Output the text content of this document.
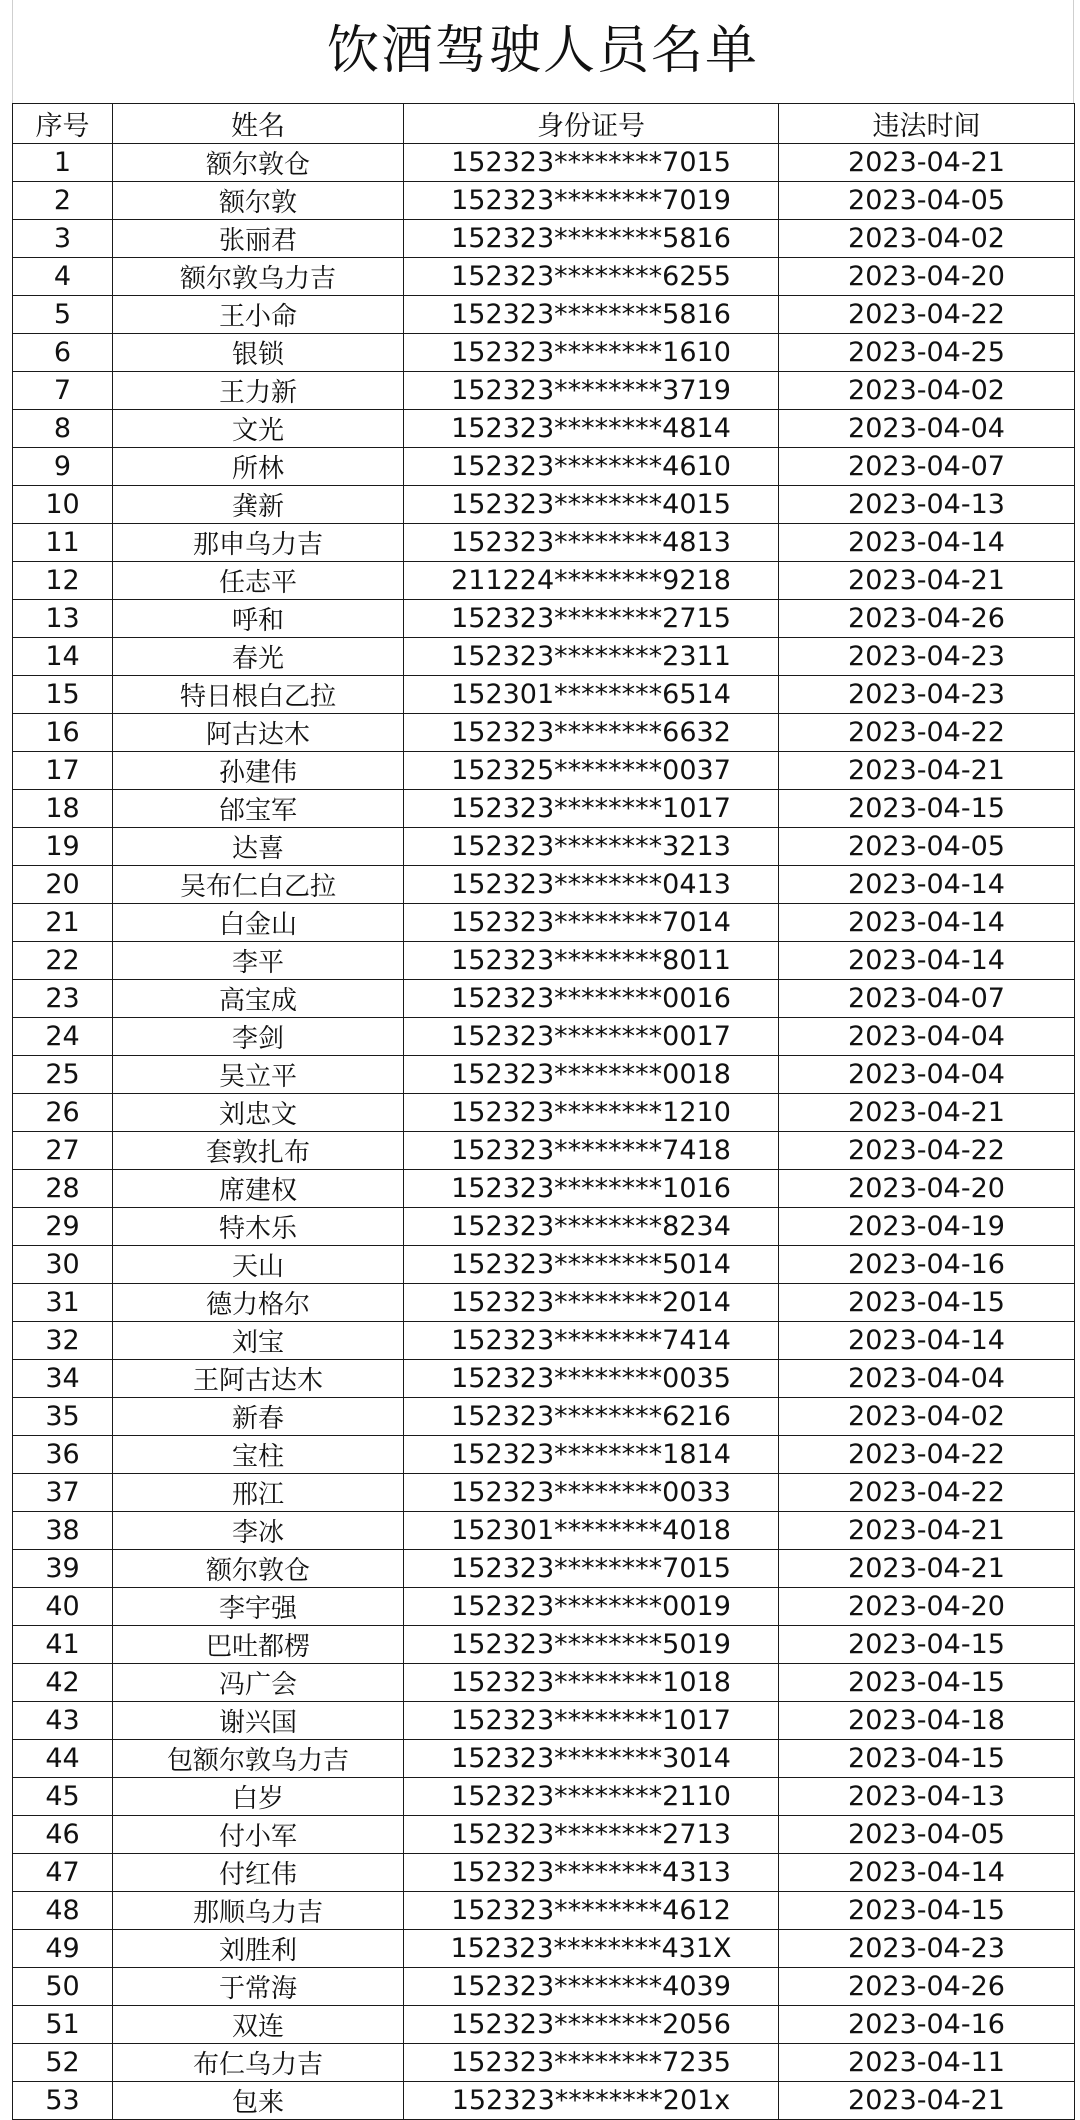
饮酒驾驶人员名单
序号	姓名	身份证号	违法时间
1	额尔敦仓	152323********7015	2023-04-21
2	额尔敦	152323********7019	2023-04-05
3	张丽君	152323********5816	2023-04-02
4	额尔敦乌力吉	152323********6255	2023-04-20
5	王小命	152323********5816	2023-04-22
6	银锁	152323********1610	2023-04-25
7	王力新	152323********3719	2023-04-02
8	文光	152323********4814	2023-04-04
9	所林	152323********4610	2023-04-07
10	龚新	152323********4015	2023-04-13
11	那申乌力吉	152323********4813	2023-04-14
12	任志平	211224********9218	2023-04-21
13	呼和	152323********2715	2023-04-26
14	春光	152323********2311	2023-04-23
15	特日根白乙拉	152301********6514	2023-04-23
16	阿古达木	152323********6632	2023-04-22
17	孙建伟	152325********0037	2023-04-21
18	邰宝军	152323********1017	2023-04-15
19	达喜	152323********3213	2023-04-05
20	吴布仁白乙拉	152323********0413	2023-04-14
21	白金山	152323********7014	2023-04-14
22	李平	152323********8011	2023-04-14
23	高宝成	152323********0016	2023-04-07
24	李剑	152323********0017	2023-04-04
25	吴立平	152323********0018	2023-04-04
26	刘忠文	152323********1210	2023-04-21
27	套敦扎布	152323********7418	2023-04-22
28	席建权	152323********1016	2023-04-20
29	特木乐	152323********8234	2023-04-19
30	天山	152323********5014	2023-04-16
31	德力格尔	152323********2014	2023-04-15
32	刘宝	152323********7414	2023-04-14
34	王阿古达木	152323********0035	2023-04-04
35	新春	152323********6216	2023-04-02
36	宝柱	152323********1814	2023-04-22
37	邢江	152323********0033	2023-04-22
38	李冰	152301********4018	2023-04-21
39	额尔敦仓	152323********7015	2023-04-21
40	李宇强	152323********0019	2023-04-20
41	巴吐都楞	152323********5019	2023-04-15
42	冯广会	152323********1018	2023-04-15
43	谢兴国	152323********1017	2023-04-18
44	包额尔敦乌力吉	152323********3014	2023-04-15
45	白岁	152323********2110	2023-04-13
46	付小军	152323********2713	2023-04-05
47	付红伟	152323********4313	2023-04-14
48	那顺乌力吉	152323********4612	2023-04-15
49	刘胜利	152323********431X	2023-04-23
50	于常海	152323********4039	2023-04-26
51	双连	152323********2056	2023-04-16
52	布仁乌力吉	152323********7235	2023-04-11
53	包来	152323********201x	2023-04-21
